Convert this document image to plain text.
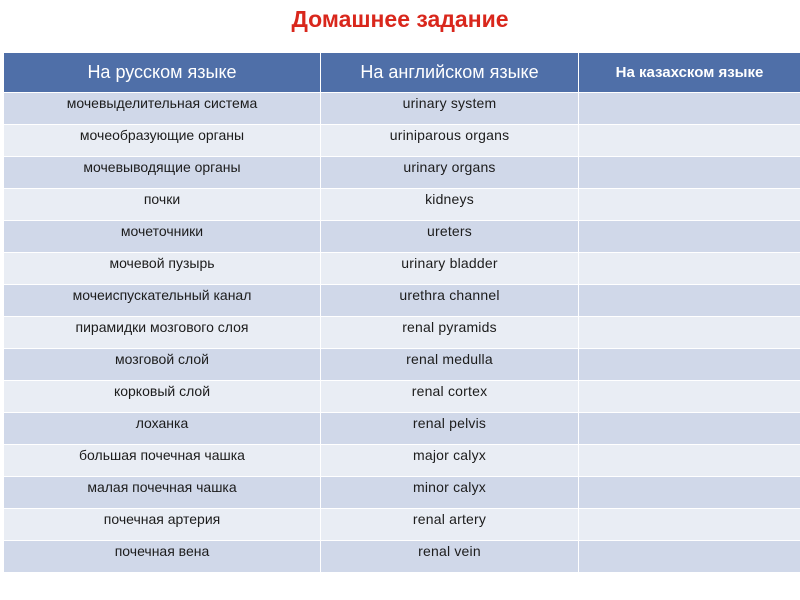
Домашнее задание
На русском языке	На английском языке	На казахском языке
мочевыделительная система	urinary system	
мочеобразующие органы	uriniparous organs	
мочевыводящие органы	urinary organs	
почки	kidneys	
мочеточники	ureters	
мочевой пузырь	urinary bladder	
мочеиспускательный канал	urethra channel	
пирамидки мозгового слоя	renal pyramids	
мозговой слой	renal medulla	
корковый слой	renal cortex	
лоханка	renal pelvis	
большая почечная чашка	major calyx	
малая почечная чашка	minor calyx	
почечная артерия	renal artery	
почечная вена	renal vein	
